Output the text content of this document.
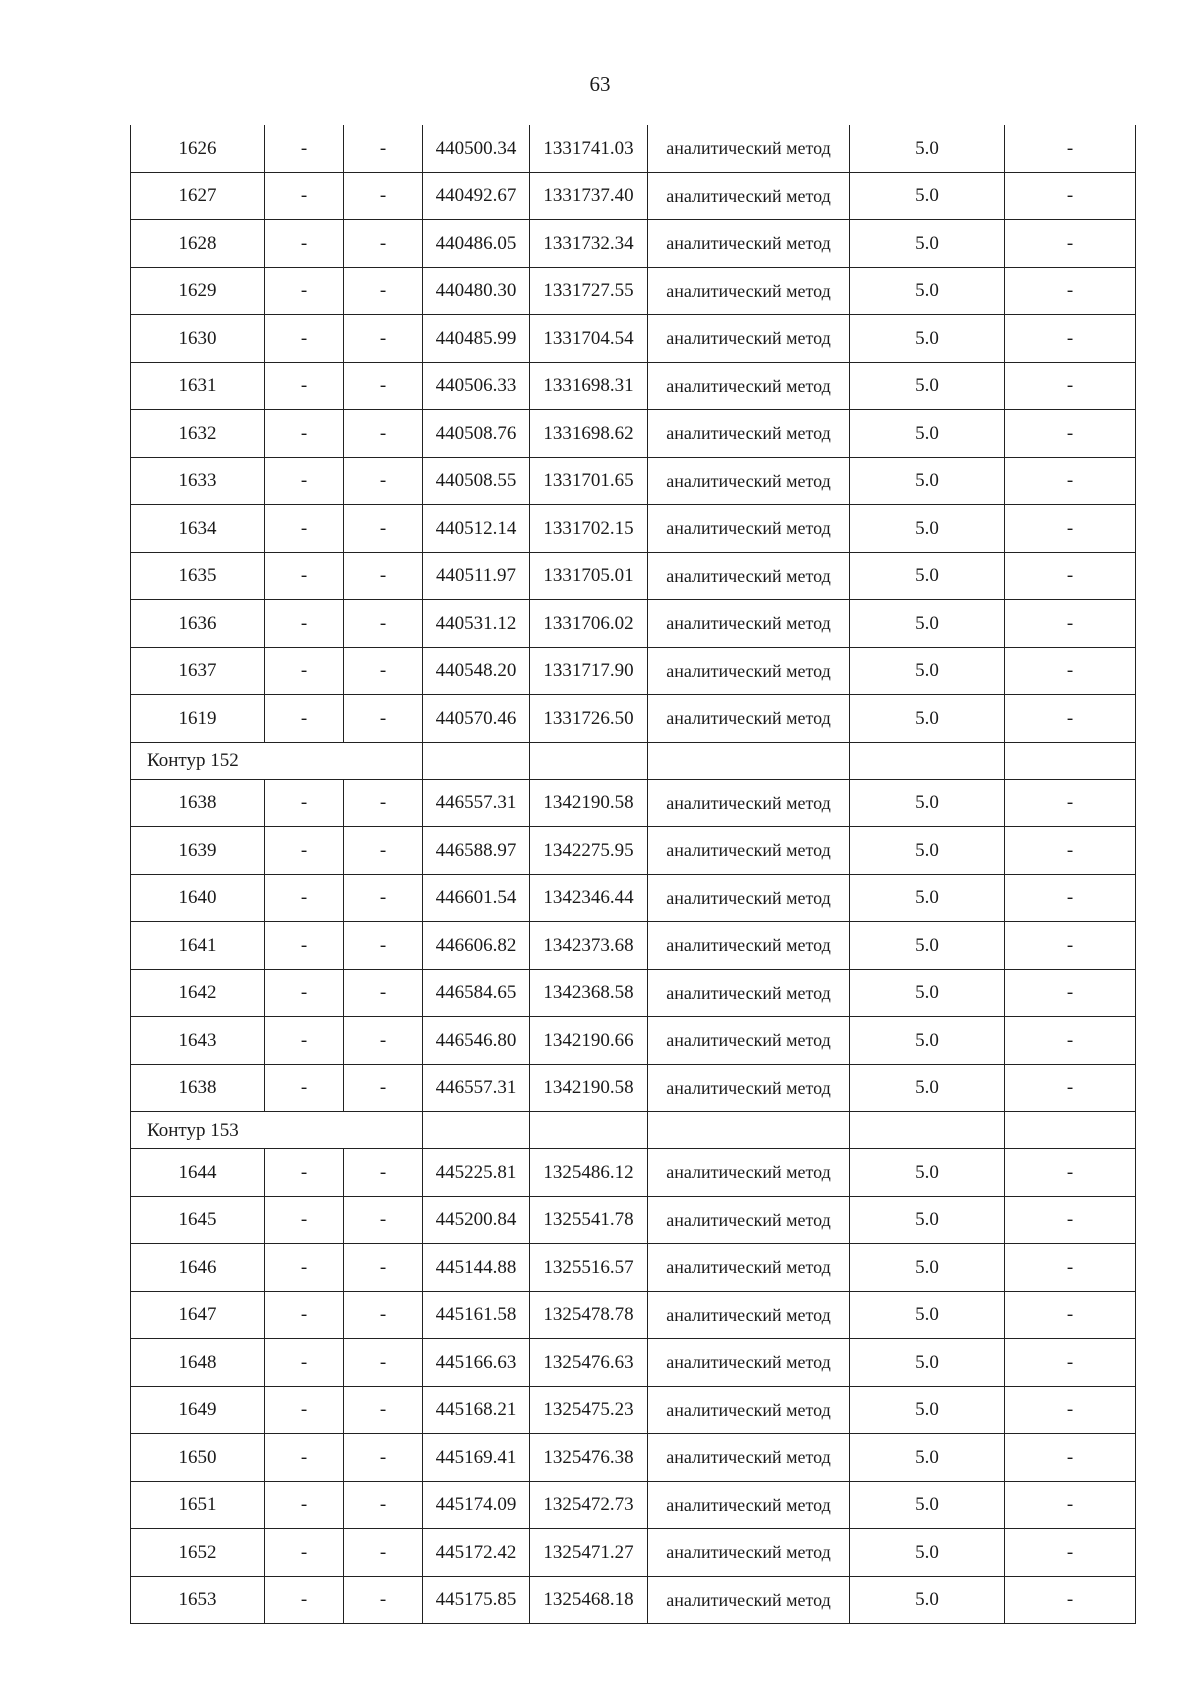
63
1626	-	-	440500.34	1331741.03	аналитический метод	5.0	-
1627	-	-	440492.67	1331737.40	аналитический метод	5.0	-
1628	-	-	440486.05	1331732.34	аналитический метод	5.0	-
1629	-	-	440480.30	1331727.55	аналитический метод	5.0	-
1630	-	-	440485.99	1331704.54	аналитический метод	5.0	-
1631	-	-	440506.33	1331698.31	аналитический метод	5.0	-
1632	-	-	440508.76	1331698.62	аналитический метод	5.0	-
1633	-	-	440508.55	1331701.65	аналитический метод	5.0	-
1634	-	-	440512.14	1331702.15	аналитический метод	5.0	-
1635	-	-	440511.97	1331705.01	аналитический метод	5.0	-
1636	-	-	440531.12	1331706.02	аналитический метод	5.0	-
1637	-	-	440548.20	1331717.90	аналитический метод	5.0	-
1619	-	-	440570.46	1331726.50	аналитический метод	5.0	-
Контур 152							
1638	-	-	446557.31	1342190.58	аналитический метод	5.0	-
1639	-	-	446588.97	1342275.95	аналитический метод	5.0	-
1640	-	-	446601.54	1342346.44	аналитический метод	5.0	-
1641	-	-	446606.82	1342373.68	аналитический метод	5.0	-
1642	-	-	446584.65	1342368.58	аналитический метод	5.0	-
1643	-	-	446546.80	1342190.66	аналитический метод	5.0	-
1638	-	-	446557.31	1342190.58	аналитический метод	5.0	-
Контур 153							
1644	-	-	445225.81	1325486.12	аналитический метод	5.0	-
1645	-	-	445200.84	1325541.78	аналитический метод	5.0	-
1646	-	-	445144.88	1325516.57	аналитический метод	5.0	-
1647	-	-	445161.58	1325478.78	аналитический метод	5.0	-
1648	-	-	445166.63	1325476.63	аналитический метод	5.0	-
1649	-	-	445168.21	1325475.23	аналитический метод	5.0	-
1650	-	-	445169.41	1325476.38	аналитический метод	5.0	-
1651	-	-	445174.09	1325472.73	аналитический метод	5.0	-
1652	-	-	445172.42	1325471.27	аналитический метод	5.0	-
1653	-	-	445175.85	1325468.18	аналитический метод	5.0	-
